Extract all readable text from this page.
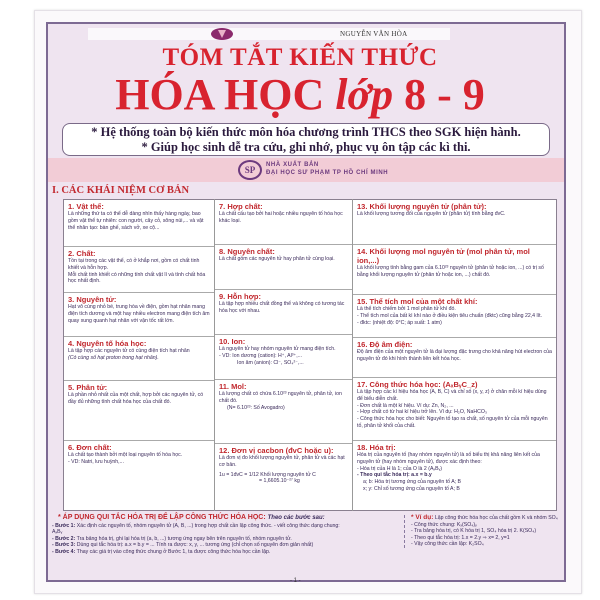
NGUYỄN VĂN HÒA
TÓM TẮT KIẾN THỨC
HÓA HỌC lớp 8 - 9
* Hệ thống toàn bộ kiến thức môn hóa chương trình THCS theo SGK hiện hành.
* Giúp học sinh dễ tra cứu, ghi nhớ, phục vụ ôn tập các kì thi.
SP	NHÀ XUẤT BẢN
ĐẠI HỌC SƯ PHẠM TP HỒ CHÍ MINH
I. CÁC KHÁI NIỆM CƠ BẢN
1. Vật thể:

Là những thứ ta có thể dễ dàng nhìn thấy hàng ngày, bao gồm vật thể tự nhiên: con người, cây cỏ, sông núi,... và vật thể nhân tạo: bàn ghế, sách vở, xe cộ...

2. Chất:

Tồn tại trong các vật thể, có ở khắp nơi, gồm có chất tinh khiết và hỗn hợp.

Mỗi chất tinh khiết có những tính chất vật lí và tính chất hóa học nhất định.

3. Nguyên tử:

Hạt vô cùng nhỏ bé, trung hòa về điện, gồm hạt nhân mang điện tích dương và một hay nhiều electron mang điện tích âm quay xung quanh hạt nhân với vận tốc rất lớn.

4. Nguyên tố hóa học:

Là tập hợp các nguyên tử có cùng điện tích hạt nhân

(Có cùng số hạt proton trong hạt nhân).

5. Phân tử:

Là phần nhỏ nhất của một chất, hợp bởi các nguyên tử, có đầy đủ những tính chất hóa học của chất đó.

6. Đơn chất:

Là chất tạo thành bởi một loại nguyên tố hóa học.

- VD: Natri, lưu huỳnh,...

7. Hợp chất:

Là chất cấu tạo bởi hai hoặc nhiều nguyên tố hóa học khác loại.

8. Nguyên chất:

Là chất gồm các nguyên tử hay phân tử cùng loại.

9. Hỗn hợp:

Là tập hợp nhiều chất đồng thể và không có tương tác hóa học với nhau.

10. Ion:

Là nguyên tử hay nhóm nguyên tử mang điện tích.

- VD: Ion dương (cation): H⁺, Al³⁺,...

Ion âm (anion): Cl⁻, SO₄²⁻,...

11. Mol:

Là lượng chất có chứa 6.10²³ nguyên tử, phân tử, ion chất đó.

(N= 6.10²³: Số Avogadro)

12. Đơn vị cacbon (đvC hoặc u):

Là đơn vị đo khối lượng nguyên tử, phân tử và các hạt cơ bản.

1u = 1đvC = 1/12 Khối lượng nguyên tử C

= 1,6605.10⁻²⁷ kg

13. Khối lượng nguyên tử (phân tử):

Là khối lượng tương đối của nguyên tử (phân tử) tính bằng đvC.

14. Khối lượng mol nguyên tử (mol phân tử, mol ion,...)

Là khối lượng tính bằng gam của 6.10²³ nguyên tử (phân tử hoặc ion, ...) có trị số bằng khối lượng nguyên tử (phân tử hoặc ion, ...) chất đó.

15. Thể tích mol của một chất khí:

Là thể tích chiếm bởi 1 mol phân tử khí đó.

- Thể tích mol của bất kì khí nào ở điều kiện tiêu chuẩn (đktc) cũng bằng 22,4 lít.

- đktc: (nhiệt độ: 0°C; áp suất: 1 atm)

16. Độ âm điện:

Độ âm điện của một nguyên tử là đại lượng đặc trưng cho khả năng hút electron của nguyên tử đó khi hình thành liên kết hóa học.

17. Công thức hóa học: (AₓBᵧC_z)

Là tập hợp các kí hiệu hóa học (A, B, C) và chỉ số (x, y, z) ở chân mỗi kí hiệu dùng để biểu diễn chất.

- Đơn chất là một kí hiệu. Ví dụ: Zn, N₂, ...

- Hợp chất có từ hai kí hiệu trở lên. Ví dụ: H₂O, NaHCO₃

- Công thức hóa học cho biết: Nguyên tố tạo ra chất, số nguyên tử của mỗi nguyên tố, phân tử khối của chất.

18. Hóa trị:

Hóa trị của nguyên tố (hay nhóm nguyên tử) là số biểu thị khả năng liên kết của nguyên tử (hay nhóm nguyên tử), được xác định theo:

- Hóa trị của H là 1; của O là 2 (AₓBᵧ)

- Theo qui tắc hóa trị: a.x = b.y

a; b: Hóa trị tương ứng của nguyên tố A; B

x; y: Chỉ số tương ứng của nguyên tố A; B

* ÁP DỤNG QUI TẮC HÓA TRỊ ĐỂ LẬP CÔNG THỨC HÓA HỌC: Theo các bước sau:
- Bước 1: Xác định các nguyên tố, nhóm nguyên tử (A, B, ...) trong hợp chất cần lập công thức. - viết công thức dạng chung: AₓBᵧ
- Bước 2: Tra bảng hóa trị, ghi lại hóa trị (a, b, ...) tương ứng ngay bên trên nguyên tố, nhóm nguyên tử.
- Bước 3: Dùng qui tắc hóa trị: a.x = b.y = ... Tính ra được: x, y, ... tương ứng (chỉ chọn số nguyên đơn giản nhất)
- Bước 4: Thay các giá trị vào công thức chung ở Bước 1, ta được công thức hóa học cần lập.
* Ví dụ: Lập công thức hóa học của chất gồm K và nhóm SO₄
- Công thức chung: Kₓ(SO₄)ᵧ
- Tra bảng hóa trị, có K hóa trị 1, SO₄ hóa trị 2. K(SO₄)
- Theo qui tắc hóa trị: 1.x = 2.y ⇒ x= 2, y=1
- Vậy công thức cần lập: K₂SO₄
- 1 -
